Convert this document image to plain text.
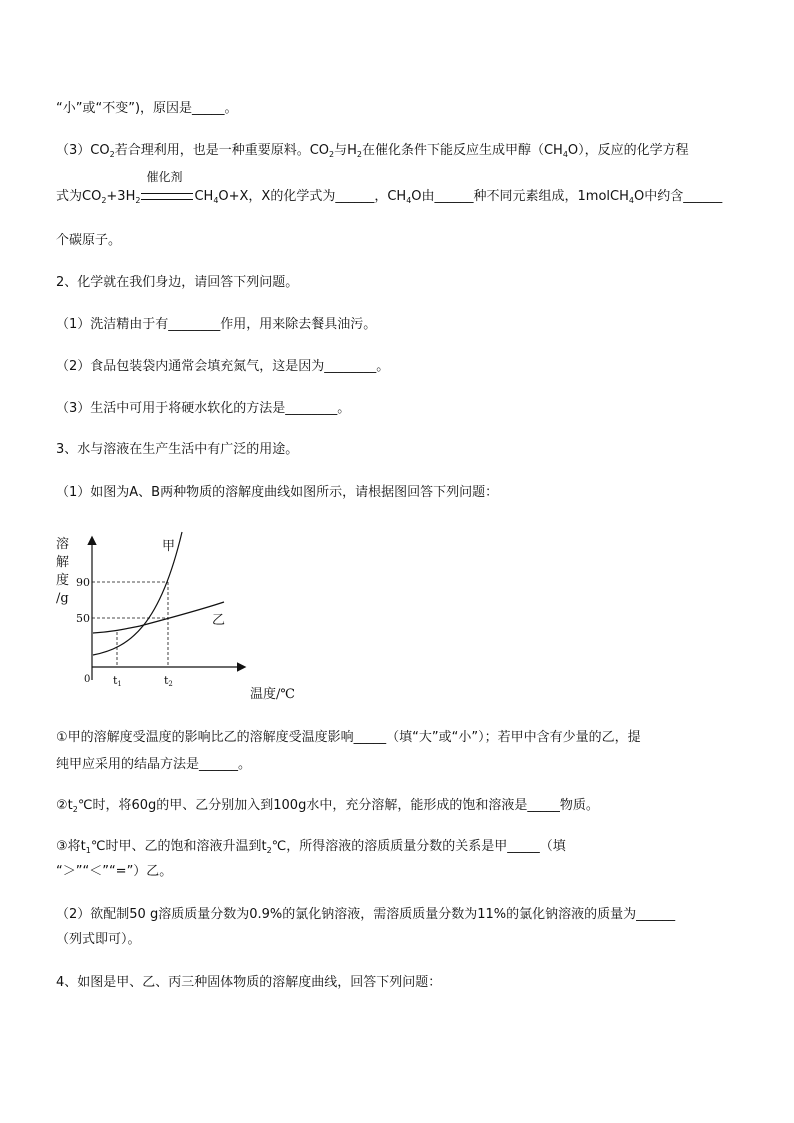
“小”或“不变”)，原因是_____。
$(3)CO_2$若合理利用，也是一种重要原料。$CO_2$与$H_2$在催化条件下能反应生成甲醇$(CH_4O)$，反应的化学方程
式为$CO_2+3H_2$
催化剂
$CH_4O+X$，X的化学式为______，$CH_4O$由______种不同元素组成，1molCH$_4$O中约含______
个碳原子。
2、化学就在我们身边，请回答下列问题。
（1）洗洁精由于有________作用，用来除去餐具油污。
（2）食品包装袋内通常会填充氮气，这是因为________。
（3）生活中可用于将硬水软化的方法是________。
3、水与溶液在生产生活中有广泛的用途。
（1）如图为A、B两种物质的溶解度曲线如图所示，请根据图回答下列问题：
溶
解
度
/g
温度/℃
0
90
50
t1	t2
甲
乙
①甲的溶解度受温度的影响比乙的溶解度受温度影响_____（填“大”或“小”）；若甲中含有少量的乙，提
纯甲应采用的结晶方法是______。
$②t_2℃$时，将60g的甲、乙分别加入到100g水中，充分溶解，能形成的饱和溶液是_____物质。
③将$t_1℃$时甲、乙的饱和溶液升温到$t_2℃$，所得溶液的溶质质量分数的关系是甲_____（填
“＞”“＜”“=”）乙。
（2）欲配制50 g溶质质量分数为0.9%的氯化钠溶液，需溶质质量分数为11%的氯化钠溶液的质量为______
（列式即可）。
4、如图是甲、乙、丙三种固体物质的溶解度曲线，回答下列问题：
